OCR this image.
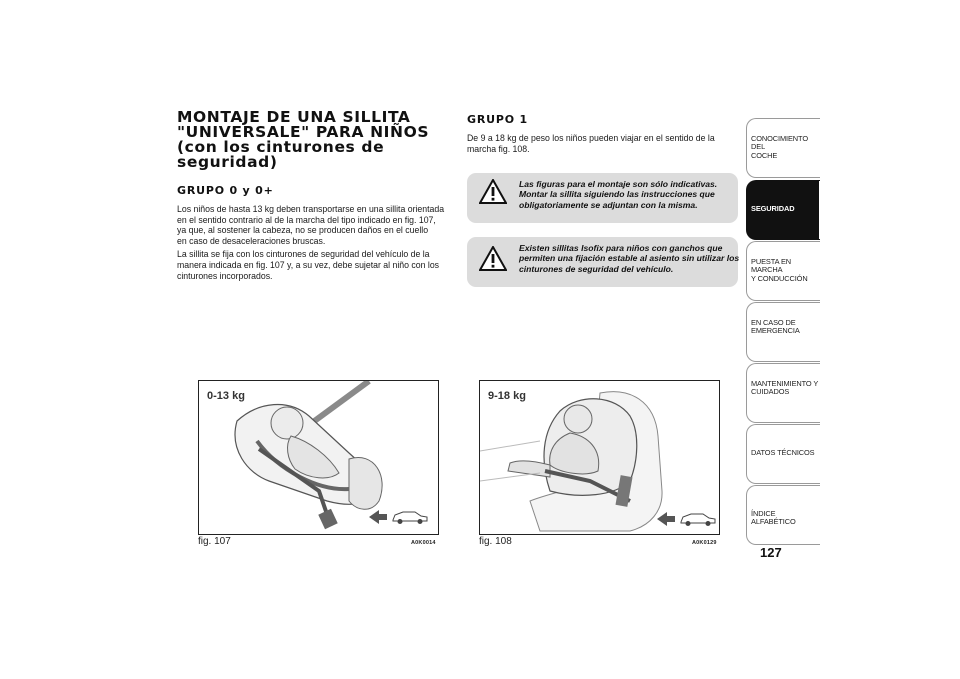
MONTAJE DE UNA SILLITA
"UNIVERSALE" PARA NIÑOS
(con los cinturones de
seguridad)
GRUPO 0 y 0+

Los niños de hasta 13 kg deben transportarse en una sillita orientada
en el sentido contrario al de la marcha del tipo indicado en fig. 107,
ya que, al sostener la cabeza, no se producen daños en el cuello
en caso de desaceleraciones bruscas.

La sillita se fija con los cinturones de seguridad del vehículo de la
manera indicada en fig. 107 y, a su vez, debe sujetar al niño con los
cinturones incorporados.

GRUPO 1

De 9 a 18 kg de peso los niños pueden viajar en el sentido de la
marcha fig. 108.

Las figuras para el montaje son sólo indicativas.
Montar la sillita siguiendo las instrucciones que
obligatoriamente se adjuntan con la misma.
Existen sillitas Isofix para niños con ganchos que
permiten una fijación estable al asiento sin utilizar los
cinturones de seguridad del vehículo.
0-13 kg
fig. 107	A0K0014
9-18 kg
fig. 108	A0K0129
CONOCIMIENTO DEL
COCHE
SEGURIDAD
PUESTA EN MARCHA
Y CONDUCCIÓN
EN CASO DE
EMERGENCIA
MANTENIMIENTO Y
CUIDADOS
DATOS TÉCNICOS
ÍNDICE ALFABÉTICO
127
